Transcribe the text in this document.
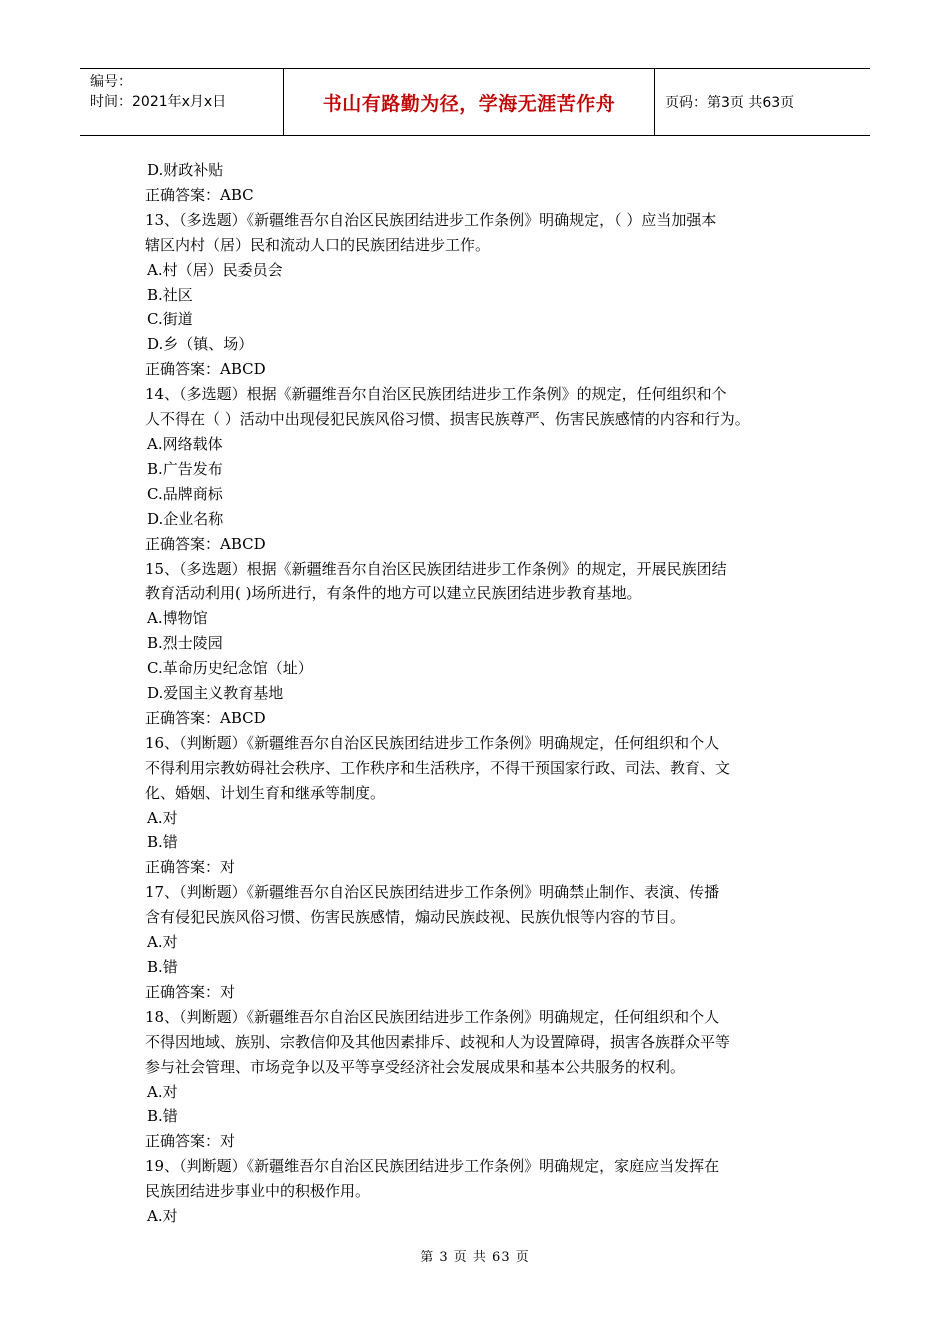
编号：
时间：2021年x月x日	书山有路勤为径，学海无涯苦作舟	页码：第3页 共63页
D.财政补贴
正确答案：ABC
13、（多选题）《新疆维吾尔自治区民族团结进步工作条例》明确规定，（ ）应当加强本
辖区内村（居）民和流动人口的民族团结进步工作。
A.村（居）民委员会
B.社区
C.街道
D.乡（镇、场）
正确答案：ABCD
14、（多选题）根据《新疆维吾尔自治区民族团结进步工作条例》的规定，任何组织和个
人不得在（ ）活动中出现侵犯民族风俗习惯、损害民族尊严、伤害民族感情的内容和行为。
A.网络载体
B.广告发布
C.品牌商标
D.企业名称
正确答案：ABCD
15、（多选题）根据《新疆维吾尔自治区民族团结进步工作条例》的规定，开展民族团结
教育活动利用( )场所进行，有条件的地方可以建立民族团结进步教育基地。
A.博物馆
B.烈士陵园
C.革命历史纪念馆（址）
D.爱国主义教育基地
正确答案：ABCD
16、（判断题）《新疆维吾尔自治区民族团结进步工作条例》明确规定，任何组织和个人
不得利用宗教妨碍社会秩序、工作秩序和生活秩序，不得干预国家行政、司法、教育、文
化、婚姻、计划生育和继承等制度。
A.对
B.错
正确答案：对
17、（判断题）《新疆维吾尔自治区民族团结进步工作条例》明确禁止制作、表演、传播
含有侵犯民族风俗习惯、伤害民族感情，煽动民族歧视、民族仇恨等内容的节目。
A.对
B.错
正确答案：对
18、（判断题）《新疆维吾尔自治区民族团结进步工作条例》明确规定，任何组织和个人
不得因地域、族别、宗教信仰及其他因素排斥、歧视和人为设置障碍，损害各族群众平等
参与社会管理、市场竞争以及平等享受经济社会发展成果和基本公共服务的权利。
A.对
B.错
正确答案：对
19、（判断题）《新疆维吾尔自治区民族团结进步工作条例》明确规定，家庭应当发挥在
民族团结进步事业中的积极作用。
A.对
第 3 页 共 63 页
